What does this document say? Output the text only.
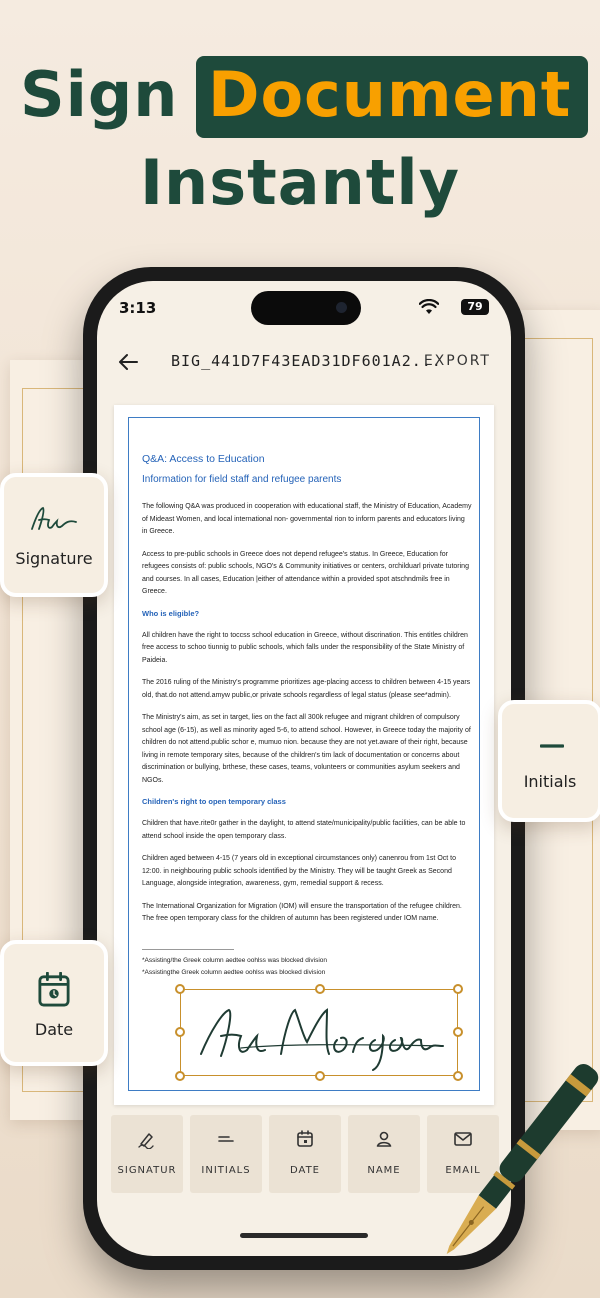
Sign Document
Instantly
3:13	79
BIG_441D7F43EAD31DF601A2...
EXPORT
Q&A: Access to Education
Information for field staff and refugee parents

The following Q&A was produced in cooperation with educational staff, the Ministry of Education, Academy of Mideast Women, and local international non- governmental rion to inform parents and educators living in Greece.

Access to pre-public schools in Greece does not depend refugee's status. In Greece, Education for refugees consists of: public schools, NGO's & Community initiatives or centers, orchilduarl private tutoring and courses. In all cases, Education |either of attendance within a provided spot atschndmils free in Greece.

Who is eligible?

All children have the right to toccss school education in Greece, without discrination. This entitles children free access to schoo tiunnig to public schools, which falls under the responsibility of the State Ministry of Paideia.

The 2016 ruling of the Ministry's programme prioritizes age-placing access to children between 4-15 years old, that.do not attend.amyw public,or private schools regardless of legal status (please see*admin).

The Ministry's aim, as set in target, lies on the fact all 300k refugee and migrant children of compulsory school age (6-15), as well as minority aged 5-6, to attend school. However, in Greece today the majority of children do not attend.public schor e, mumuo nion. because they are not yet.aware of their right, because living in remote temporary sites, because of the children's tim lack of documentation or concerns about discrimination or bullying, brthese, these cases, teams, volunteers or communities asylum seekers and NGOs.

Children's right to open temporary class

Children that have.rite0r gather in the daylight, to attend state/municipality/public facilities, can be able to attend school inside the open temporary class.

Children aged between 4-15 (7 years old in exceptional circumstances only) canenrou from 1st Oct to 12:00. in neighbouring public schools identified by the Ministry. They will be taught Greek as Second Language, alongside integration, awareness, gym, remedial support & recess.

The International Organization for Migration (IOM) will ensure the transportation of the refugee children. The free open temporary class for the children of autumn has been registered under IOM name.

*Assisting/the Greek column aedtee oohlss was blocked division
*Assistingthe Greek column aedtee oohlss was blocked division
SIGNATUR	INITIALS	DATE	NAME	EMAIL
Signature
Initials
Date
